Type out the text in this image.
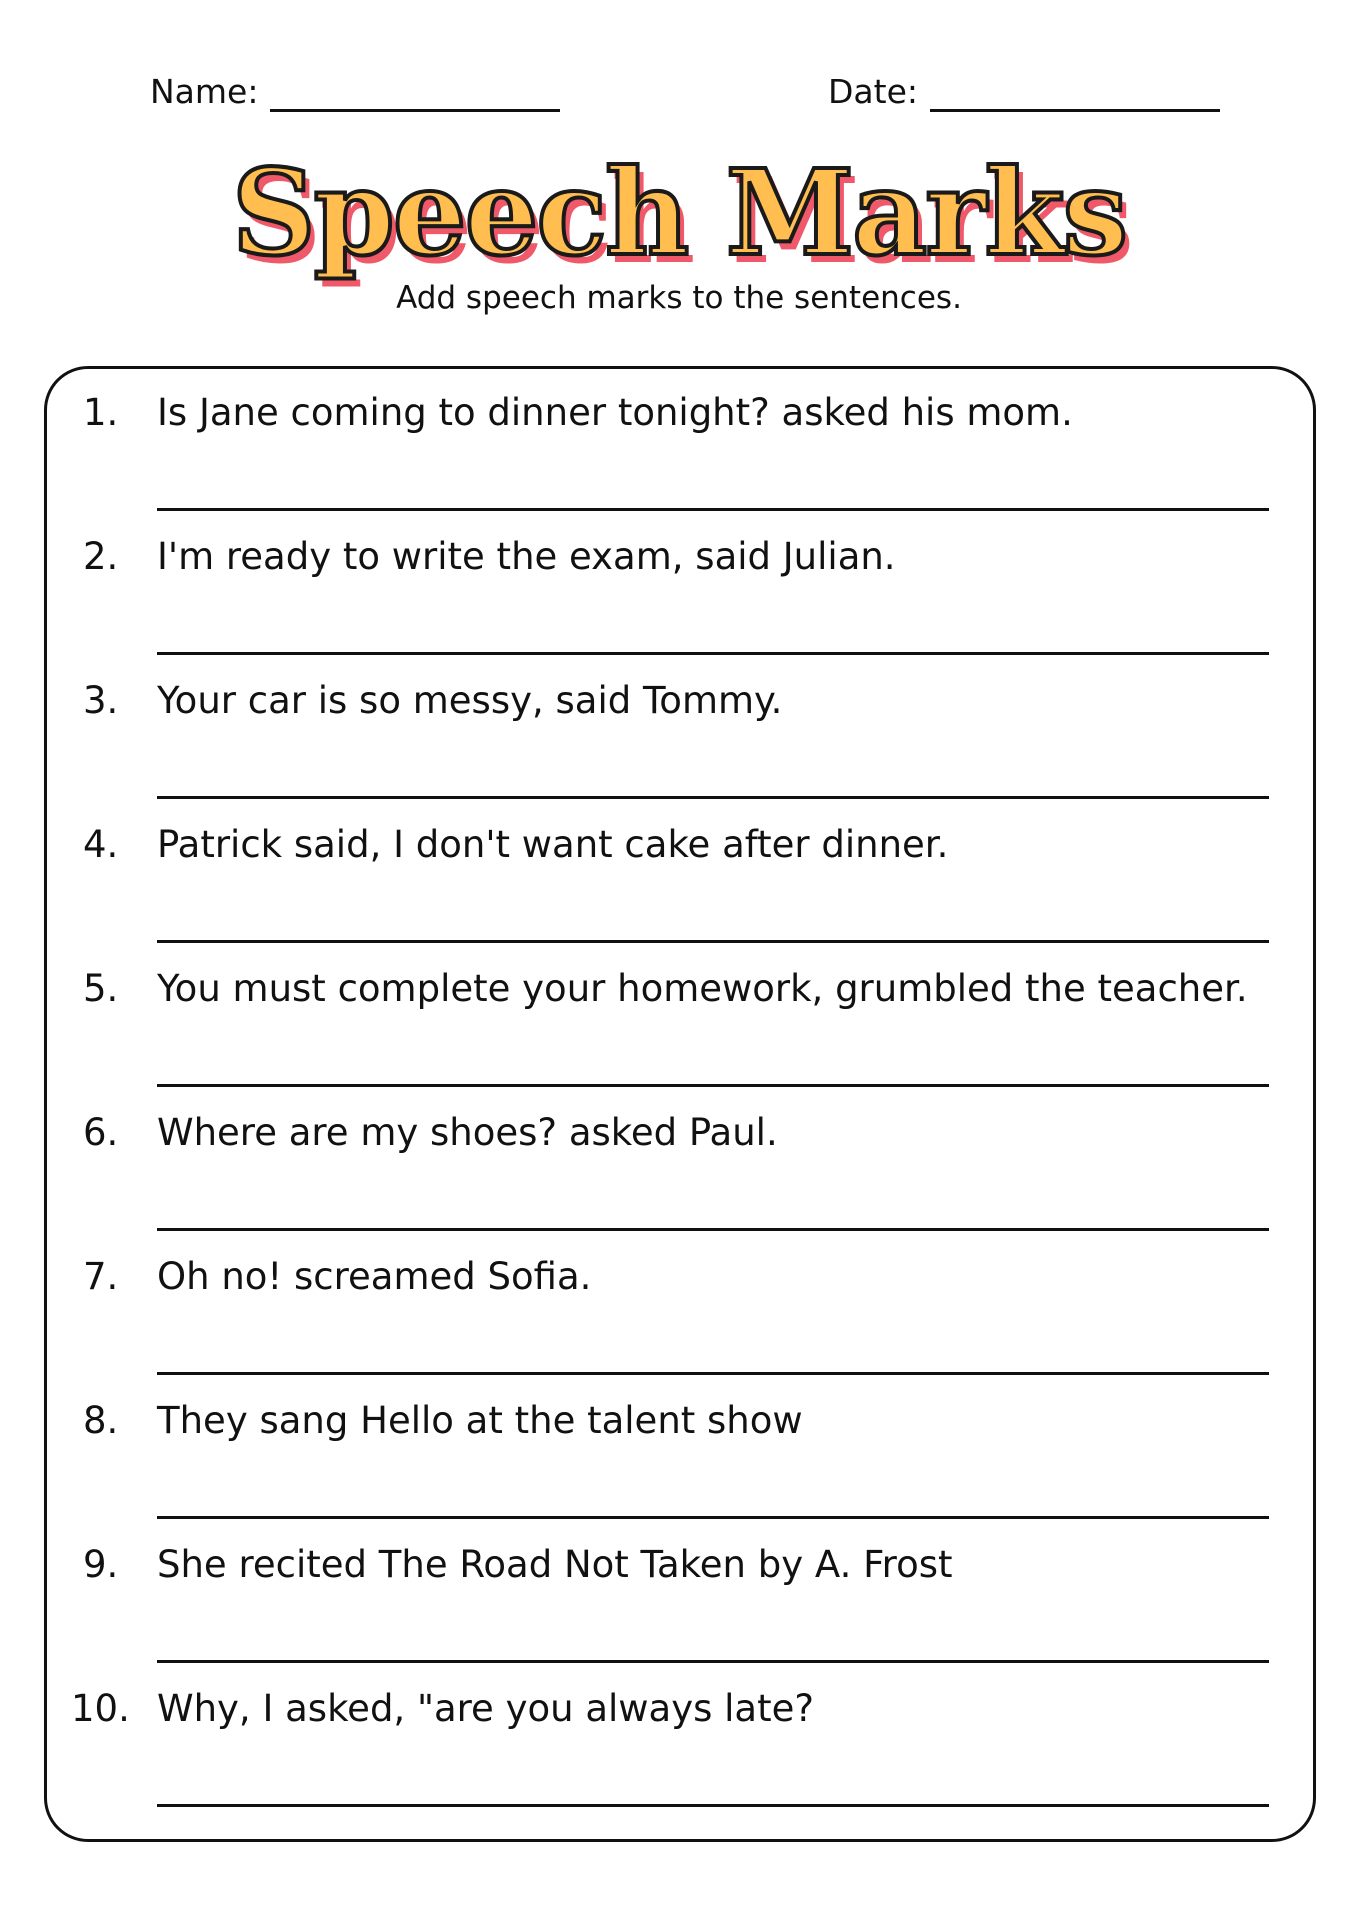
Name:	Date:
Speech Marks
Add speech marks to the sentences.
1. Is Jane coming to dinner tonight? asked his mom.
2. I'm ready to write the exam, said Julian.
3. Your car is so messy, said Tommy.
4. Patrick said, I don't want cake after dinner.
5. You must complete your homework, grumbled the teacher.
6. Where are my shoes? asked Paul.
7. Oh no! screamed Sofia.
8. They sang Hello at the talent show
9. She recited The Road Not Taken by A. Frost
10. Why, I asked, "are you always late?
